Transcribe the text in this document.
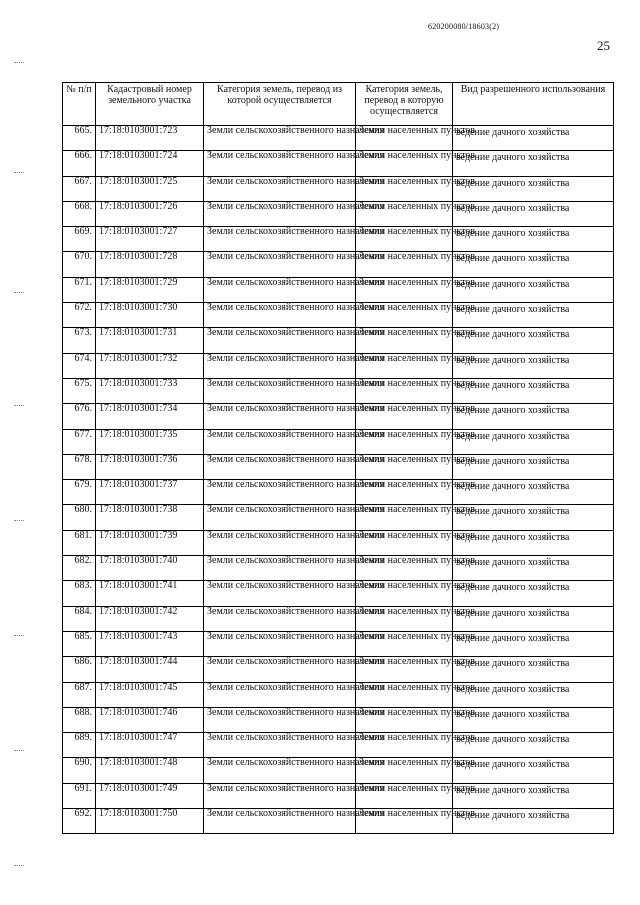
620200080/18603(2)
25
№ п/п	Кадастровый номер земельного участка	Категория земель, перевод из которой осуществляется	Категория земель, перевод в которую осуществляется	Вид разрешенного использования
665.	17:18:0103001:723	Земли сельскохозяйственного назначения	Земли населенных пунктов	ведение дачного хозяйства
666.	17:18:0103001:724	Земли сельскохозяйственного назначения	Земли населенных пунктов	ведение дачного хозяйства
667.	17:18:0103001:725	Земли сельскохозяйственного назначения	Земли населенных пунктов	ведение дачного хозяйства
668.	17:18:0103001:726	Земли сельскохозяйственного назначения	Земли населенных пунктов	ведение дачного хозяйства
669.	17:18:0103001:727	Земли сельскохозяйственного назначения	Земли населенных пунктов	ведение дачного хозяйства
670.	17:18:0103001:728	Земли сельскохозяйственного назначения	Земли населенных пунктов	ведение дачного хозяйства
671.	17:18:0103001:729	Земли сельскохозяйственного назначения	Земли населенных пунктов	ведение дачного хозяйства
672.	17:18:0103001:730	Земли сельскохозяйственного назначения	Земли населенных пунктов	ведение дачного хозяйства
673.	17:18:0103001:731	Земли сельскохозяйственного назначения	Земли населенных пунктов	ведение дачного хозяйства
674.	17:18:0103001:732	Земли сельскохозяйственного назначения	Земли населенных пунктов	ведение дачного хозяйства
675.	17:18:0103001:733	Земли сельскохозяйственного назначения	Земли населенных пунктов	ведение дачного хозяйства
676.	17:18:0103001:734	Земли сельскохозяйственного назначения	Земли населенных пунктов	ведение дачного хозяйства
677.	17:18:0103001:735	Земли сельскохозяйственного назначения	Земли населенных пунктов	ведение дачного хозяйства
678.	17:18:0103001:736	Земли сельскохозяйственного назначения	Земли населенных пунктов	ведение дачного хозяйства
679.	17:18:0103001:737	Земли сельскохозяйственного назначения	Земли населенных пунктов	ведение дачного хозяйства
680.	17:18:0103001:738	Земли сельскохозяйственного назначения	Земли населенных пунктов	ведение дачного хозяйства
681.	17:18:0103001:739	Земли сельскохозяйственного назначения	Земли населенных пунктов	ведение дачного хозяйства
682.	17:18:0103001:740	Земли сельскохозяйственного назначения	Земли населенных пунктов	ведение дачного хозяйства
683.	17:18:0103001:741	Земли сельскохозяйственного назначения	Земли населенных пунктов	ведение дачного хозяйства
684.	17:18:0103001:742	Земли сельскохозяйственного назначения	Земли населенных пунктов	ведение дачного хозяйства
685.	17:18:0103001:743	Земли сельскохозяйственного назначения	Земли населенных пунктов	ведение дачного хозяйства
686.	17:18:0103001:744	Земли сельскохозяйственного назначения	Земли населенных пунктов	ведение дачного хозяйства
687.	17:18:0103001:745	Земли сельскохозяйственного назначения	Земли населенных пунктов	ведение дачного хозяйства
688.	17:18:0103001:746	Земли сельскохозяйственного назначения	Земли населенных пунктов	ведение дачного хозяйства
689.	17:18:0103001:747	Земли сельскохозяйственного назначения	Земли населенных пунктов	ведение дачного хозяйства
690.	17:18:0103001:748	Земли сельскохозяйственного назначения	Земли населенных пунктов	ведение дачного хозяйства
691.	17:18:0103001:749	Земли сельскохозяйственного назначения	Земли населенных пунктов	ведение дачного хозяйства
692.	17:18:0103001:750	Земли сельскохозяйственного назначения	Земли населенных пунктов	ведение дачного хозяйства
